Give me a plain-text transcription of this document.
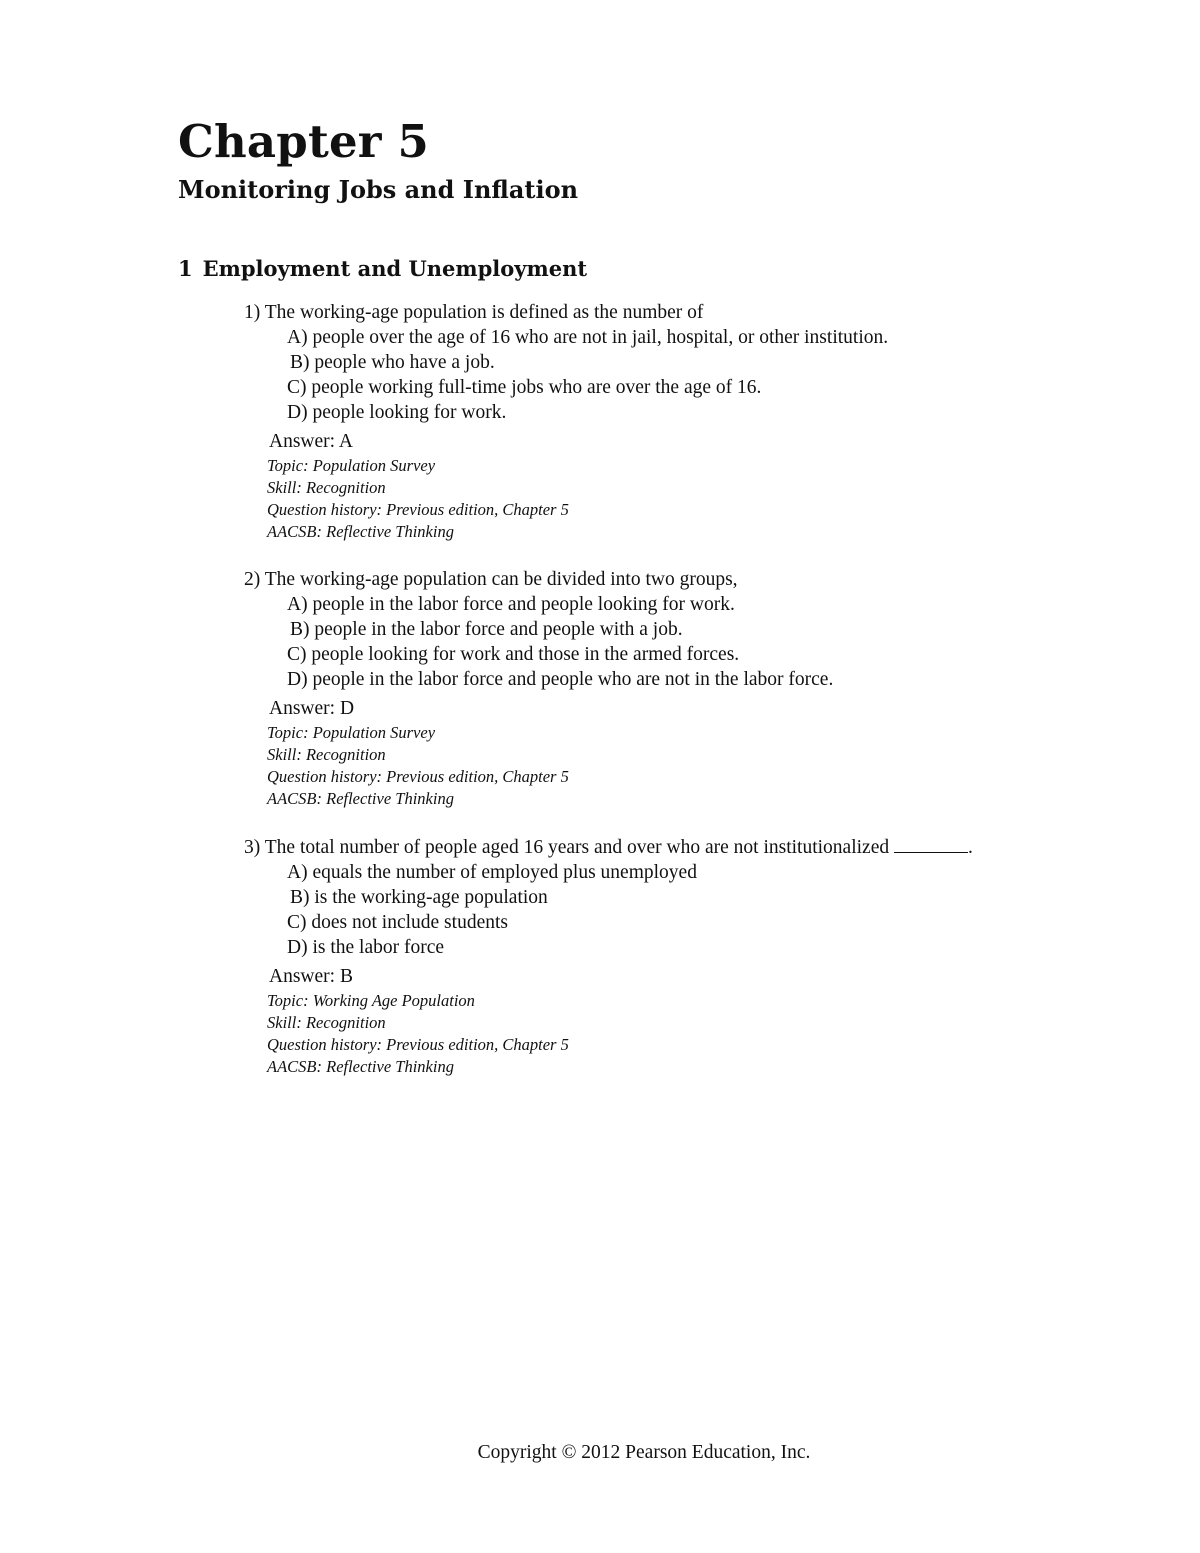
Chapter 5
Monitoring Jobs and Inflation
1 Employment and Unemployment
1) The working-age population is defined as the number of
A) people over the age of 16 who are not in jail, hospital, or other institution.
B) people who have a job.
C) people working full-time jobs who are over the age of 16.
D) people looking for work.
Answer: A
Topic: Population Survey
Skill: Recognition
Question history: Previous edition, Chapter 5
AACSB: Reflective Thinking
2) The working-age population can be divided into two groups,
A) people in the labor force and people looking for work.
B) people in the labor force and people with a job.
C) people looking for work and those in the armed forces.
D) people in the labor force and people who are not in the labor force.
Answer: D
Topic: Population Survey
Skill: Recognition
Question history: Previous edition, Chapter 5
AACSB: Reflective Thinking
3) The total number of people aged 16 years and over who are not institutionalized	.
A) equals the number of employed plus unemployed
B) is the working-age population
C) does not include students
D) is the labor force
Answer: B
Topic: Working Age Population
Skill: Recognition
Question history: Previous edition, Chapter 5
AACSB: Reflective Thinking
Copyright © 2012 Pearson Education, Inc.
